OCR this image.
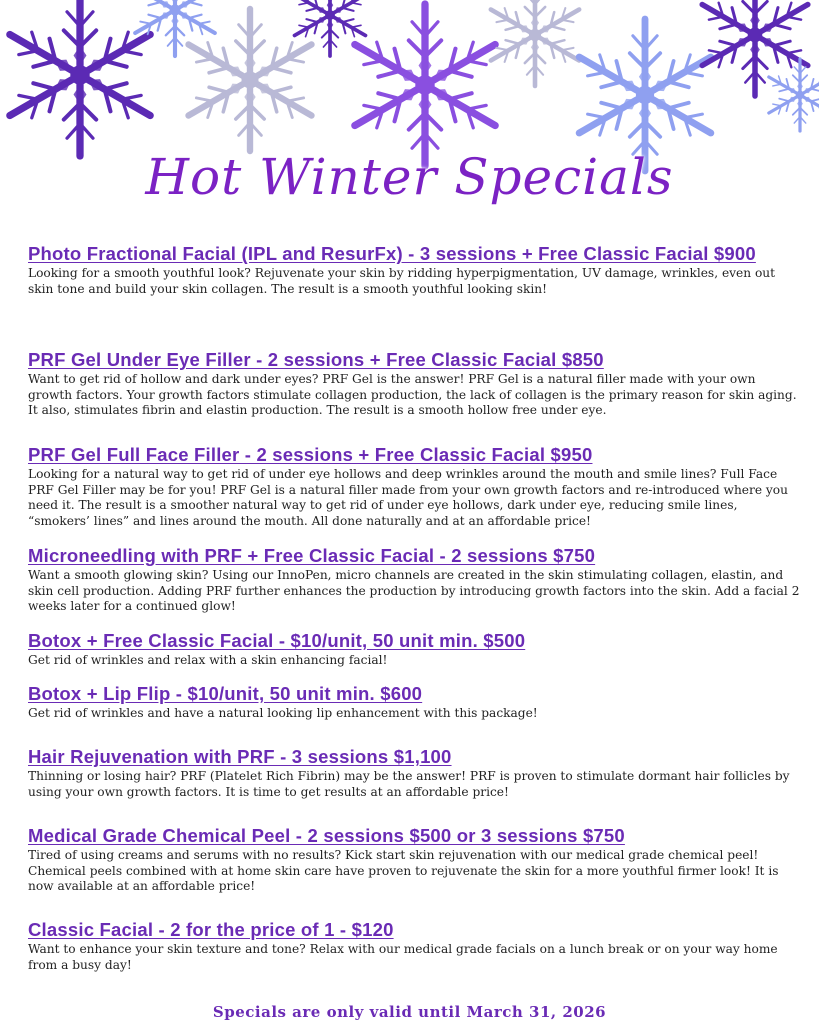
Hot Winter Specials
Photo Fractional Facial (IPL and ResurFx) - 3 sessions + Free Classic Facial $900

Looking for a smooth youthful look? Rejuvenate your skin by ridding hyperpigmentation, UV damage, wrinkles, even out skin tone and build your skin collagen. The result is a smooth youthful looking skin!

PRF Gel Under Eye Filler - 2 sessions + Free Classic Facial $850

Want to get rid of hollow and dark under eyes? PRF Gel is the answer! PRF Gel is a natural filler made with your own growth factors. Your growth factors stimulate collagen production, the lack of collagen is the primary reason for skin aging. It also, stimulates fibrin and elastin production. The result is a smooth hollow free under eye.

PRF Gel Full Face Filler - 2 sessions + Free Classic Facial $950

Looking for a natural way to get rid of under eye hollows and deep wrinkles around the mouth and smile lines? Full Face PRF Gel Filler may be for you! PRF Gel is a natural filler made from your own growth factors and re-introduced where you need it. The result is a smoother natural way to get rid of under eye hollows, dark under eye, reducing smile lines, “smokers’ lines” and lines around the mouth. All done naturally and at an affordable price!

Microneedling with PRF + Free Classic Facial - 2 sessions $750

Want a smooth glowing skin? Using our InnoPen, micro channels are created in the skin stimulating collagen, elastin, and skin cell production. Adding PRF further enhances the production by introducing growth factors into the skin. Add a facial 2 weeks later for a continued glow!

Botox + Free Classic Facial - $10/unit, 50 unit min. $500

Get rid of wrinkles and relax with a skin enhancing facial!

Botox + Lip Flip - $10/unit, 50 unit min. $600

Get rid of wrinkles and have a natural looking lip enhancement with this package!

Hair Rejuvenation with PRF - 3 sessions $1,100

Thinning or losing hair? PRF (Platelet Rich Fibrin) may be the answer! PRF is proven to stimulate dormant hair follicles by using your own growth factors. It is time to get results at an affordable price!

Medical Grade Chemical Peel - 2 sessions $500 or 3 sessions $750

Tired of using creams and serums with no results? Kick start skin rejuvenation with our medical grade chemical peel! Chemical peels combined with at home skin care have proven to rejuvenate the skin for a more youthful firmer look! It is now available at an affordable price!

Classic Facial - 2 for the price of 1 - $120

Want to enhance your skin texture and tone? Relax with our medical grade facials on a lunch break or on your way home from a busy day!

Specials are only valid until March 31, 2026
